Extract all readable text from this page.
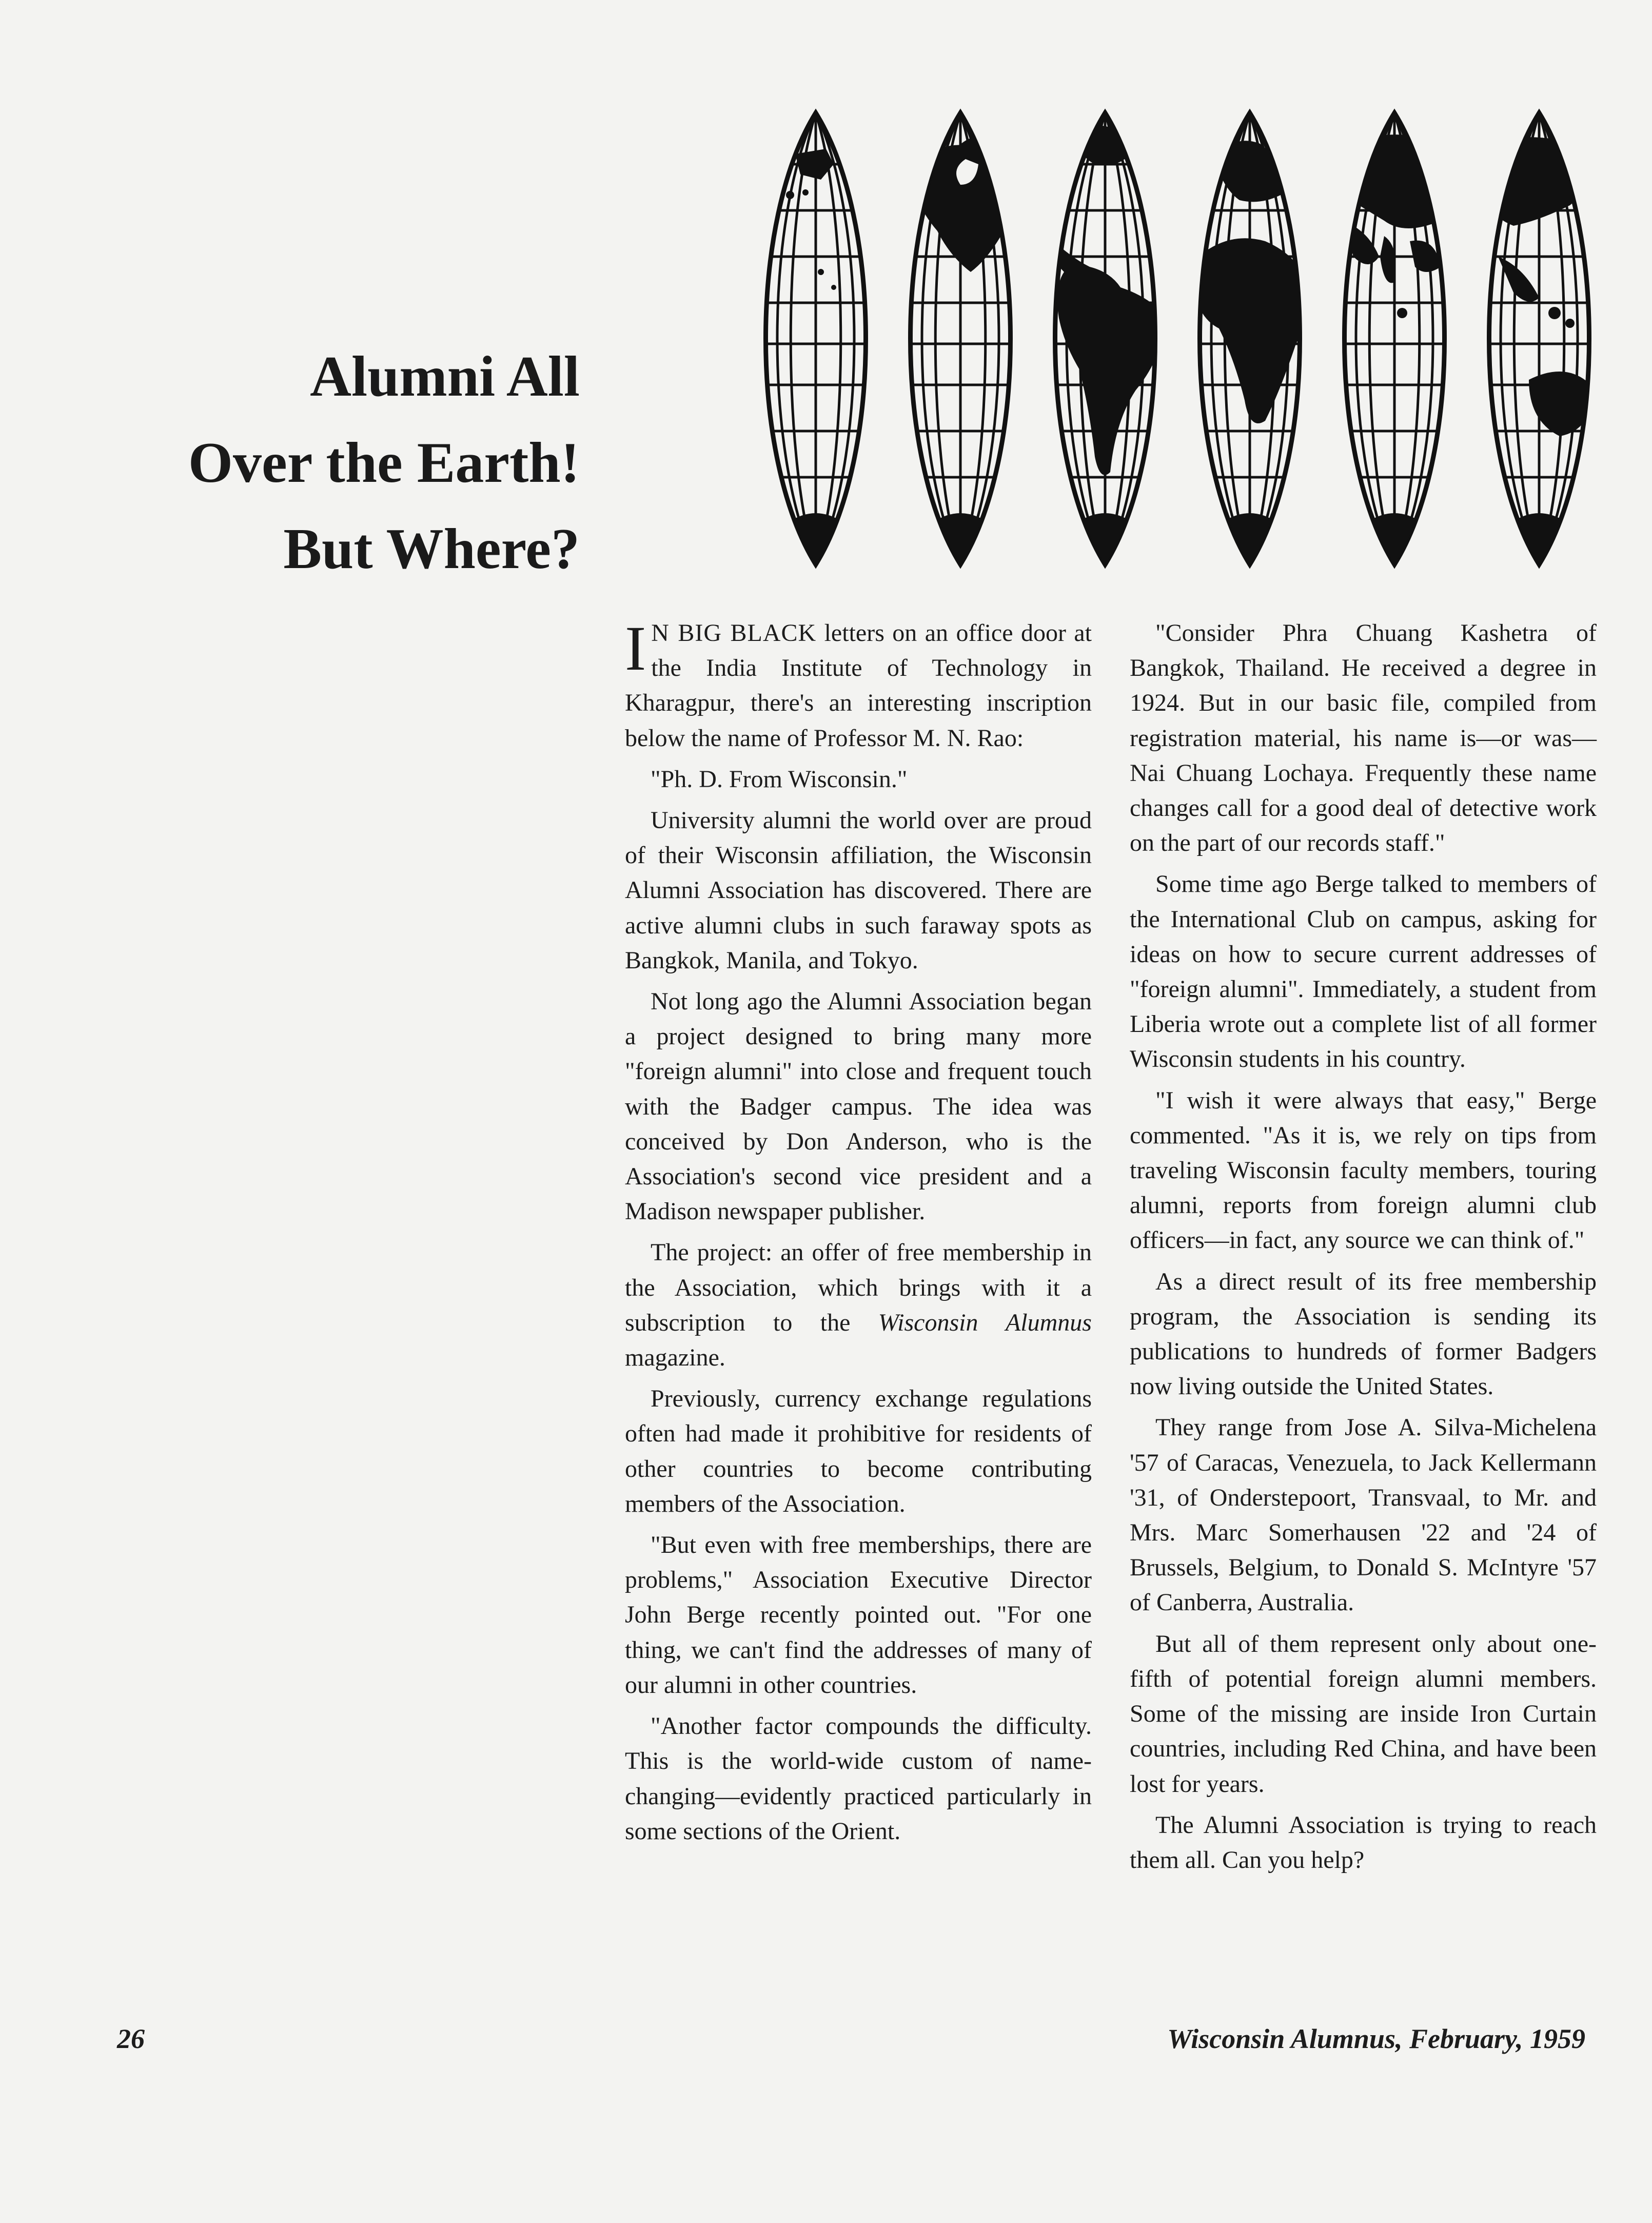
Alumni All
Over the Earth!
But Where?

I N BIG BLACK letters on an office door at the India Institute of Technology in Kharagpur, there's an interesting inscription below the name of Professor M. N. Rao:

"Ph. D. From Wisconsin."

University alumni the world over are proud of their Wisconsin affiliation, the Wisconsin Alumni Association has discovered. There are active alumni clubs in such faraway spots as Bangkok, Manila, and Tokyo.

Not long ago the Alumni Association began a project designed to bring many more "foreign alumni" into close and frequent touch with the Badger campus. The idea was conceived by Don Anderson, who is the Association's second vice president and a Madison newspaper publisher.

The project: an offer of free membership in the Association, which brings with it a subscription to the Wisconsin Alumnus magazine.

Previously, currency exchange regulations often had made it prohibitive for residents of other countries to become contributing members of the Association.

"But even with free memberships, there are problems," Association Executive Director John Berge recently pointed out. "For one thing, we can't find the addresses of many of our alumni in other countries.

"Another factor compounds the difficulty. This is the world-wide custom of name-changing—evidently practiced particularly in some sections of the Orient.

"Consider Phra Chuang Kashetra of Bangkok, Thailand. He received a degree in 1924. But in our basic file, compiled from registration material, his name is—or was—Nai Chuang Lochaya. Frequently these name changes call for a good deal of detective work on the part of our records staff."

Some time ago Berge talked to members of the International Club on campus, asking for ideas on how to secure current addresses of "foreign alumni". Immediately, a student from Liberia wrote out a complete list of all former Wisconsin students in his country.

"I wish it were always that easy," Berge commented. "As it is, we rely on tips from traveling Wisconsin faculty members, touring alumni, reports from foreign alumni club officers—in fact, any source we can think of."

As a direct result of its free membership program, the Association is sending its publications to hundreds of former Badgers now living outside the United States.

They range from Jose A. Silva-Michelena '57 of Caracas, Venezuela, to Jack Kellermann '31, of Onderstepoort, Transvaal, to Mr. and Mrs. Marc Somerhausen '22 and '24 of Brussels, Belgium, to Donald S. McIntyre '57 of Canberra, Australia.

But all of them represent only about one-fifth of potential foreign alumni members. Some of the missing are inside Iron Curtain countries, including Red China, and have been lost for years.

The Alumni Association is trying to reach them all. Can you help?

26	Wisconsin Alumnus, February, 1959
